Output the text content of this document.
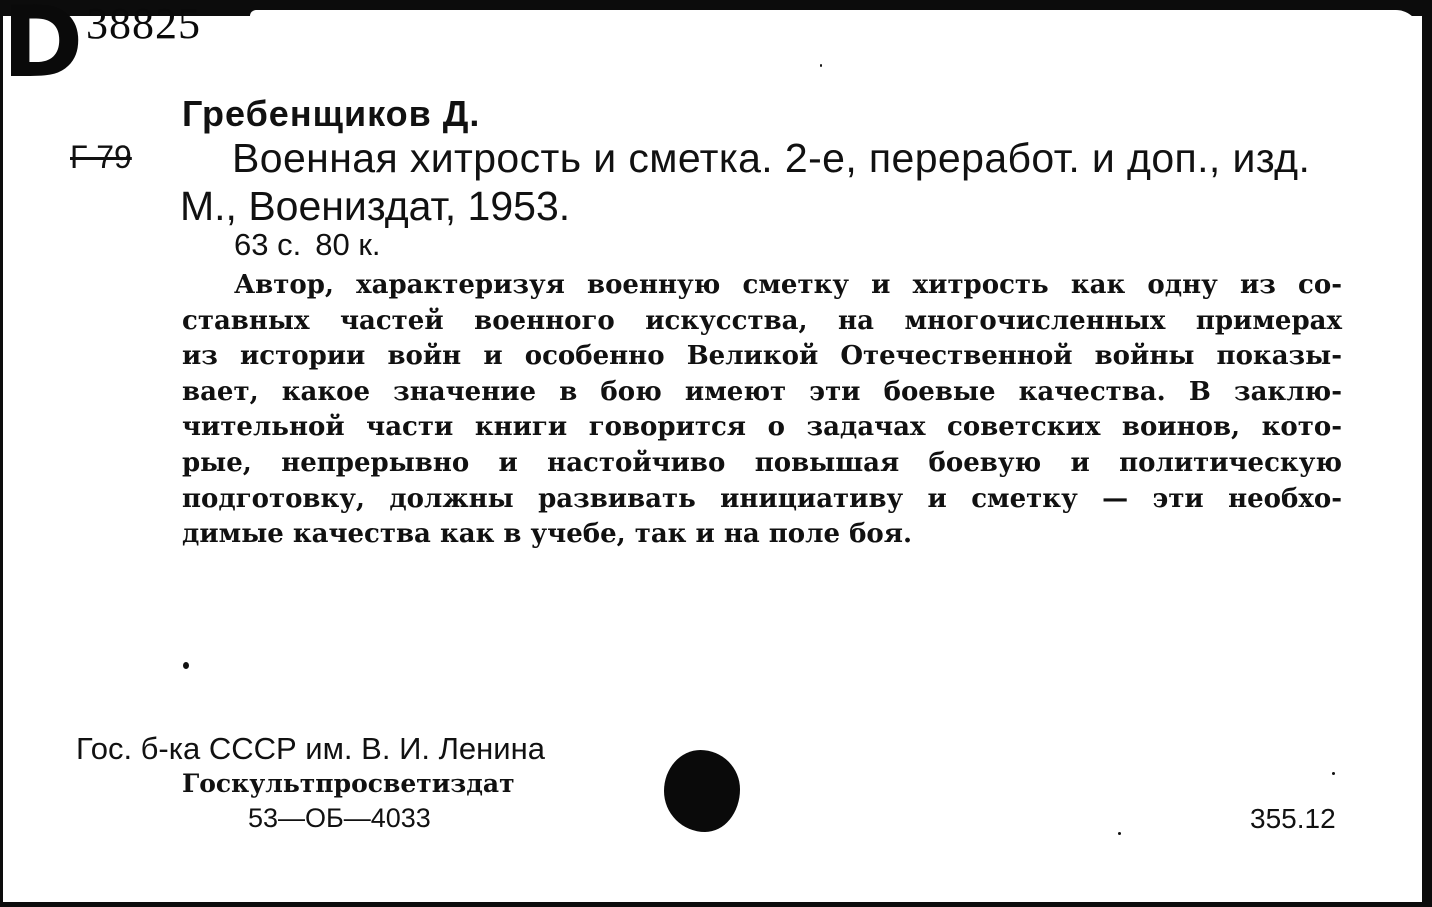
D 38825
Гребенщиков Д.
Г 79 Военная хитрость и сметка. 2-е, переработ. и доп., изд.
М., Воениздат, 1953.
63 с. 80 к.
Автор, характеризуя военную сметку и хитрость как одну из со-
ставных частей военного искусства, на многочисленных примерах
из истории войн и особенно Великой Отечественной войны показы-
вает, какое значение в бою имеют эти боевые качества. В заклю-
чительной части книги говорится о задачах советских воинов, кото-
рые, непрерывно и настойчиво повышая боевую и политическую
подготовку, должны развивать инициативу и сметку — эти необхо-
димые качества как в учебе, так и на поле боя.
Гос. б-ка СССР им. В. И. Ленина
Госкультпросветиздат
53—ОБ—4033	355.12
